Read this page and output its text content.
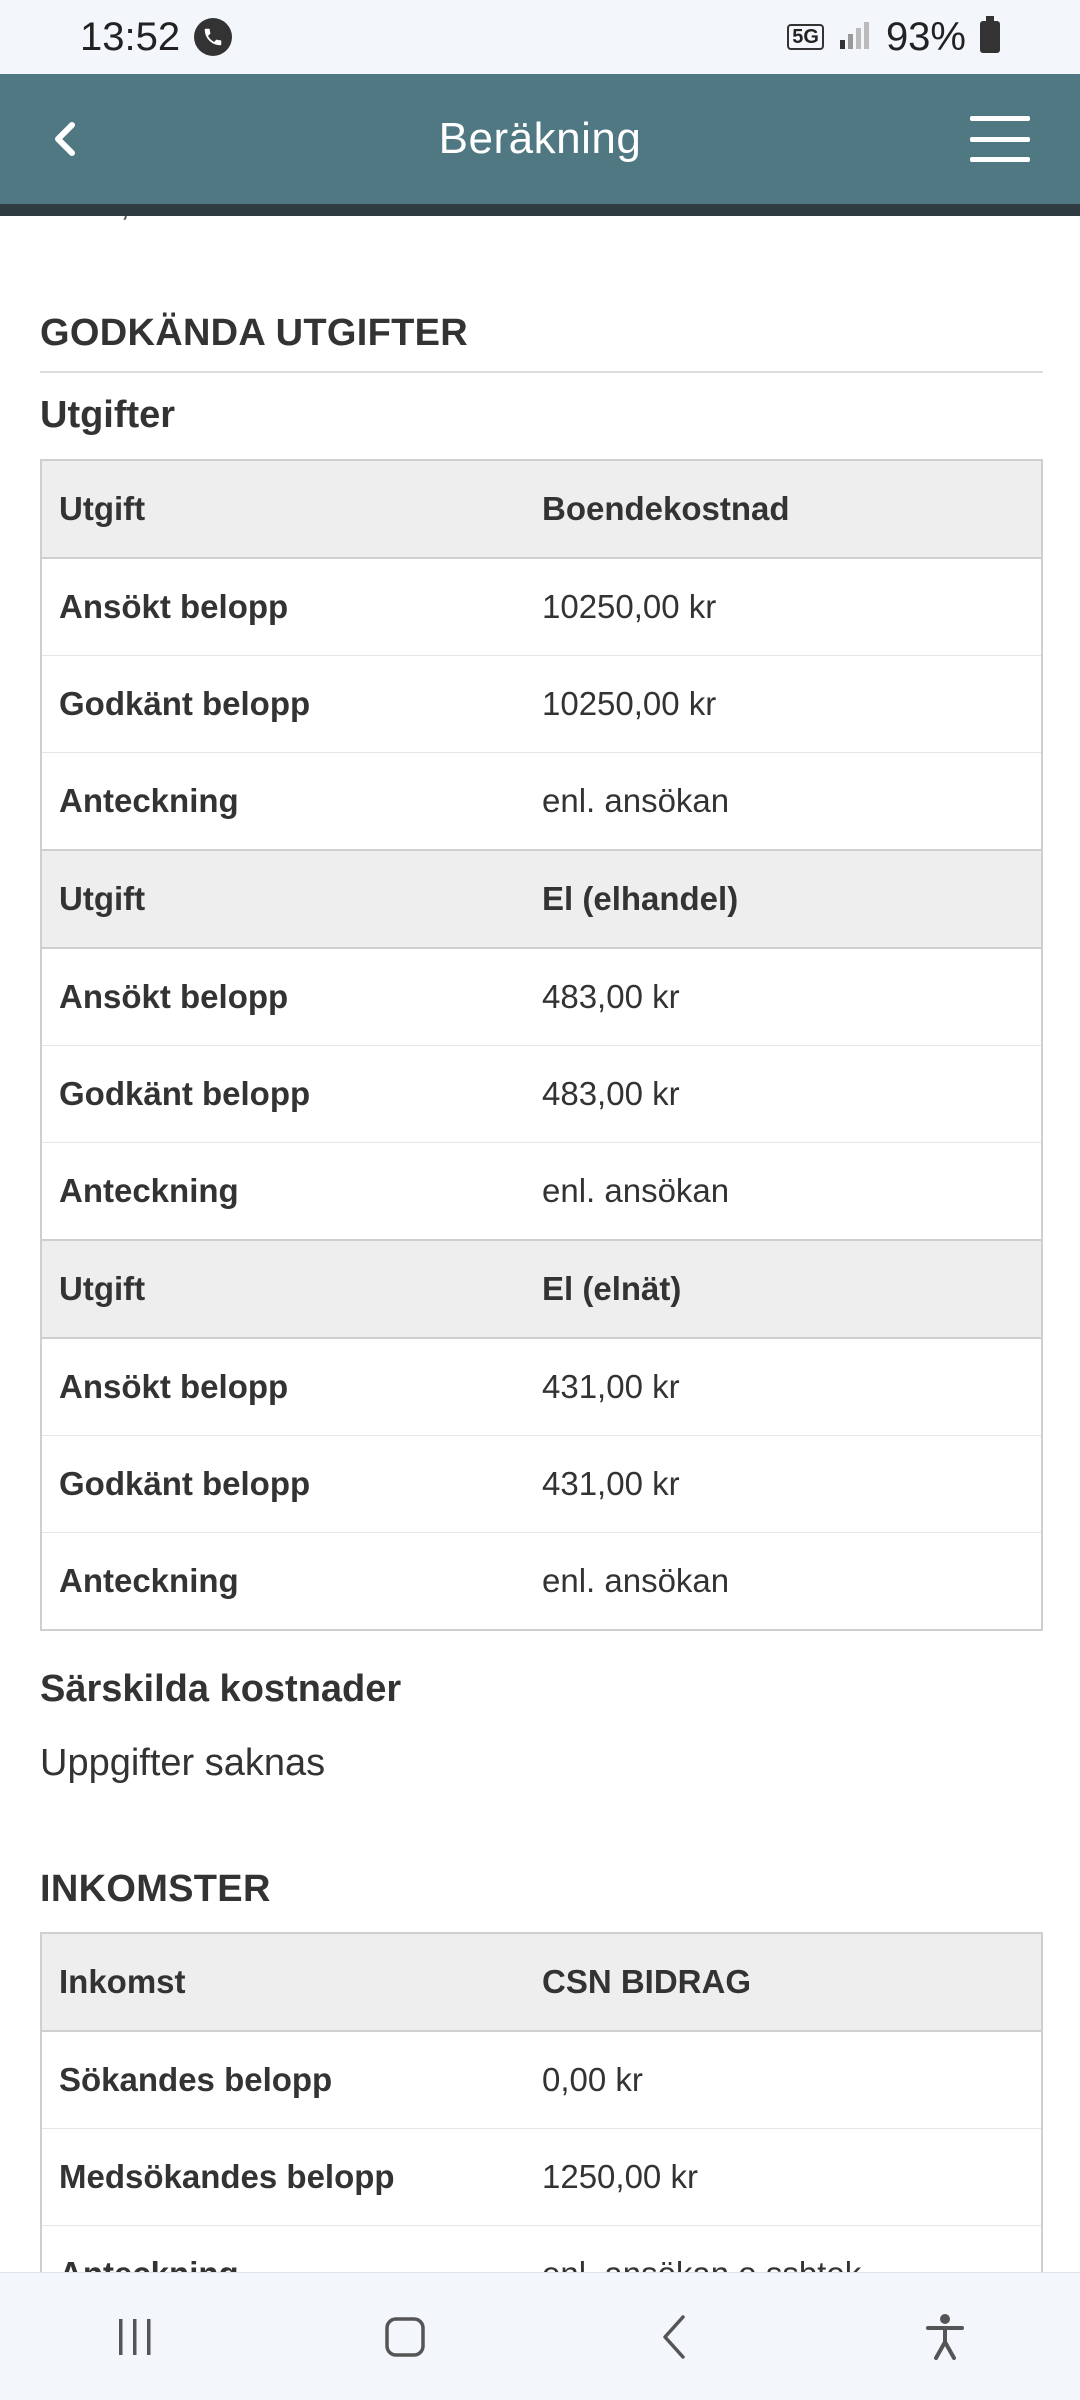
13:52	5G 93%
Beräkning
GODKÄNDA UTGIFTER
Utgifter
Utgift	Boendekostnad
Ansökt belopp	10250,00 kr
Godkänt belopp	10250,00 kr
Anteckning	enl. ansökan
Utgift	El (elhandel)
Ansökt belopp	483,00 kr
Godkänt belopp	483,00 kr
Anteckning	enl. ansökan
Utgift	El (elnät)
Ansökt belopp	431,00 kr
Godkänt belopp	431,00 kr
Anteckning	enl. ansökan
Särskilda kostnader
Uppgifter saknas
INKOMSTER
Inkomst	CSN BIDRAG
Sökandes belopp	0,00 kr
Medsökandes belopp	1250,00 kr
